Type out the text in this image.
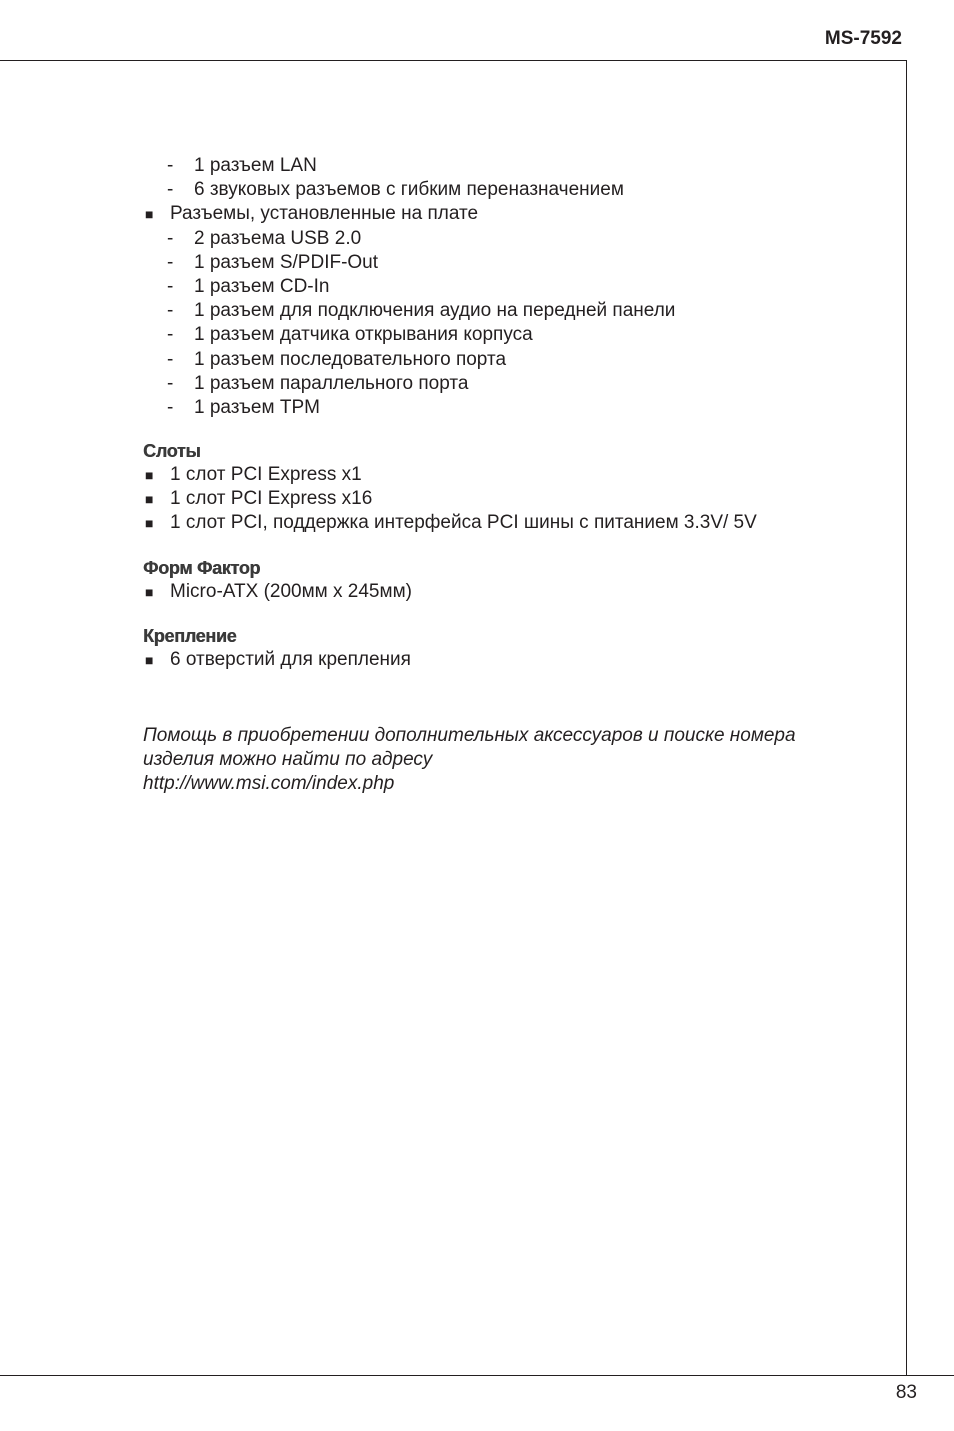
MS-7592
- 1 разъем LAN
- 6 звуковых разъемов с гибким переназначением
■ Разъемы, установленные на плате
- 2 разъема USB 2.0
- 1 разъем S/PDIF-Out
- 1 разъем CD-In
- 1 разъем для подключения аудио на передней панели
- 1 разъем датчика открывания корпуса
- 1 разъем последовательного порта
- 1 разъем параллельного порта
- 1 разъем TPM
Слоты
■ 1 слот PCI Express x1
■ 1 слот PCI Express x16
■ 1 слот PCI, поддержка интерфейса PCI шины с питанием 3.3V/ 5V
Форм Фактор
■ Micro-ATX (200мм x 245мм)
Крепление
■ 6 отверстий для крепления
Помощь в приобретении дополнительных аксессуаров и поиске номера
изделия можно найти по адресу
http://www.msi.com/index.php
83
